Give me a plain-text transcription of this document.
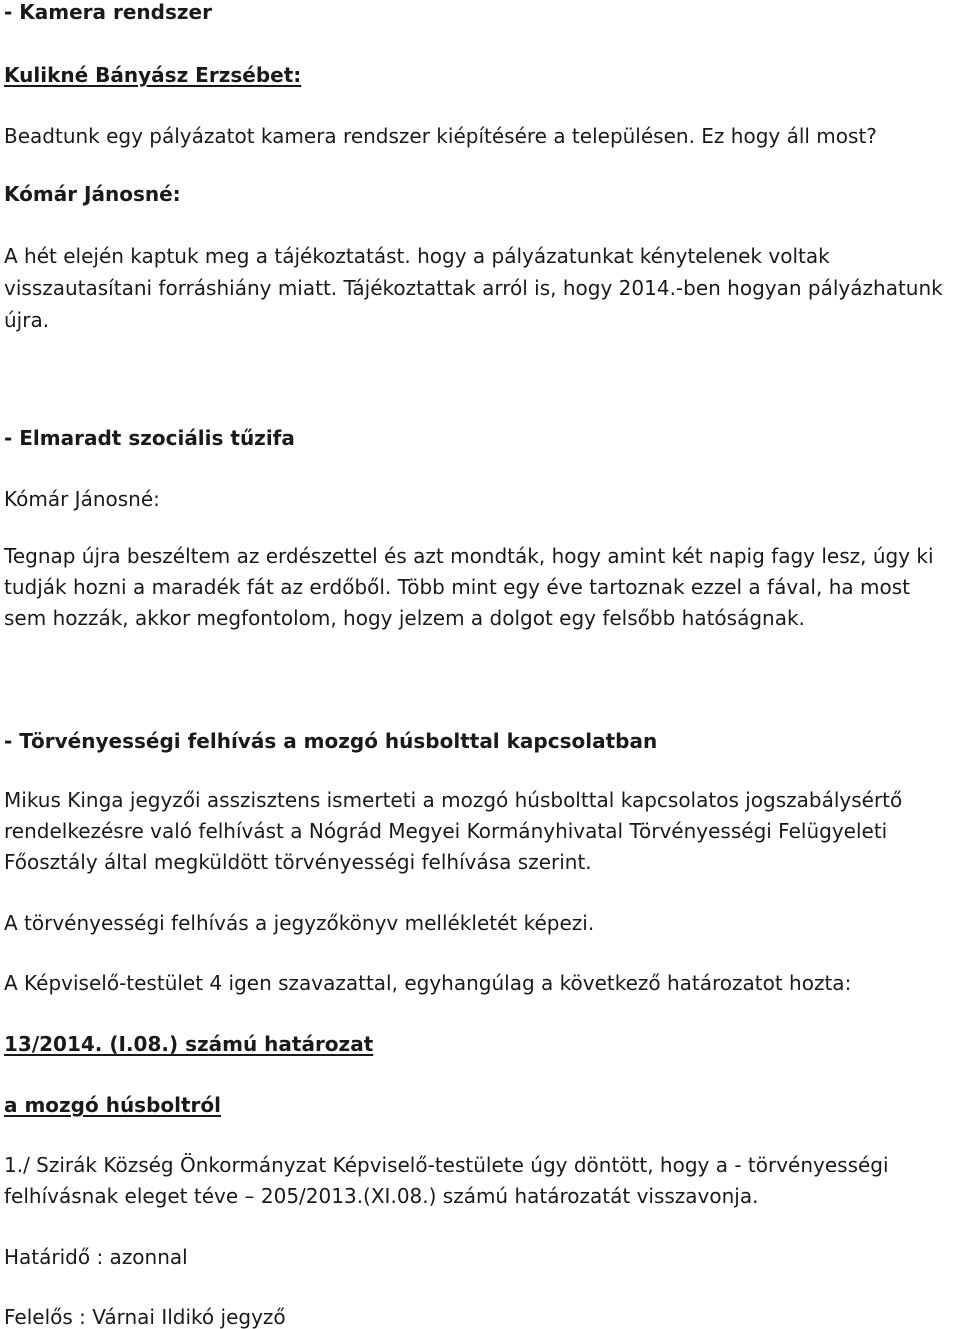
- Kamera rendszer
Kulikné Bányász Erzsébet:
Beadtunk egy pályázatot kamera rendszer kiépítésére a településen. Ez hogy áll most?
Kómár Jánosné:
A hét elején kaptuk meg a tájékoztatást. hogy a pályázatunkat kénytelenek voltak visszautasítani forráshiány miatt. Tájékoztattak arról is, hogy 2014.-ben hogyan pályázhatunk újra.
- Elmaradt szociális tűzifa
Kómár Jánosné:
Tegnap újra beszéltem az erdészettel és azt mondták, hogy amint két napig fagy lesz, úgy ki tudják hozni a maradék fát az erdőből. Több mint egy éve tartoznak ezzel a fával, ha most sem hozzák, akkor megfontolom, hogy jelzem a dolgot egy felsőbb hatóságnak.
- Törvényességi felhívás a mozgó húsbolttal kapcsolatban
Mikus Kinga jegyzői asszisztens ismerteti a mozgó húsbolttal kapcsolatos jogszabálysértő rendelkezésre való felhívást a Nógrád Megyei Kormányhivatal Törvényességi Felügyeleti Főosztály által megküldött törvényességi felhívása szerint.
A törvényességi felhívás a jegyzőkönyv mellékletét képezi.
A Képviselő-testület 4 igen szavazattal, egyhangúlag a következő határozatot hozta:
13/2014. (I.08.) számú határozat
a mozgó húsboltról
1./ Szirák Község Önkormányzat Képviselő-testülete úgy döntött, hogy a - törvényességi felhívásnak eleget téve – 205/2013.(XI.08.) számú határozatát visszavonja.
Határidő : azonnal
Felelős : Várnai Ildikó jegyző
